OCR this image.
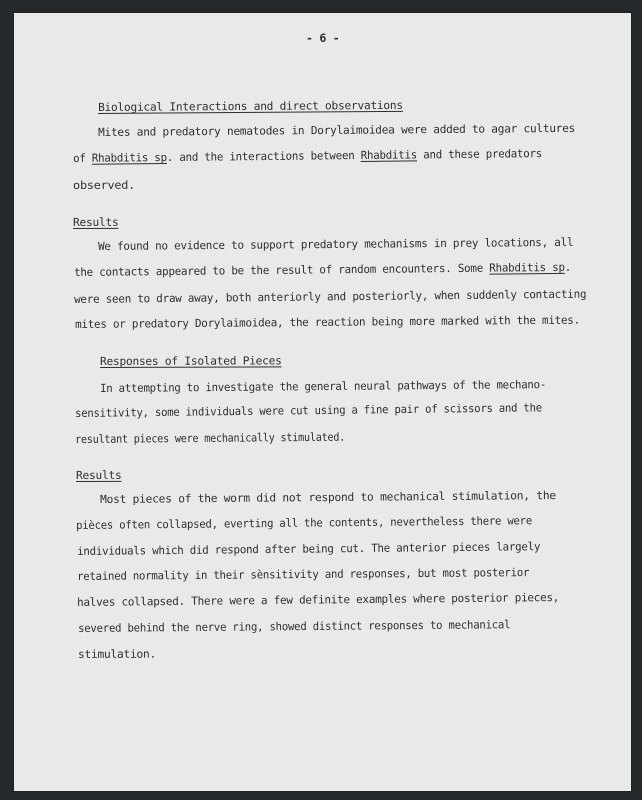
- 6 -
Biological Interactions and direct observations
Mites and predatory nematodes in Dorylaimoidea were added to agar cultures
of Rhabditis sp. and the interactions between Rhabditis and these predators
observed.
Results
We found no evidence to support predatory mechanisms in prey locations, all
the contacts appeared to be the result of random encounters. Some Rhabditis sp.
were seen to draw away, both anteriorly and posteriorly, when suddenly contacting
mites or predatory Dorylaimoidea, the reaction being more marked with the mites.
Responses of Isolated Pieces
In attempting to investigate the general neural pathways of the mechano-
sensitivity, some individuals were cut using a fine pair of scissors and the
resultant pieces were mechanically stimulated.
Results
Most pieces of the worm did not respond to mechanical stimulation, the
pièces often collapsed, everting all the contents, nevertheless there were
individuals which did respond after being cut. The anterior pieces largely
retained normality in their sènsitivity and responses, but most posterior
halves collapsed. There were a few definite examples where posterior pieces,
severed behind the nerve ring, showed distinct responses to mechanical
stimulation.
